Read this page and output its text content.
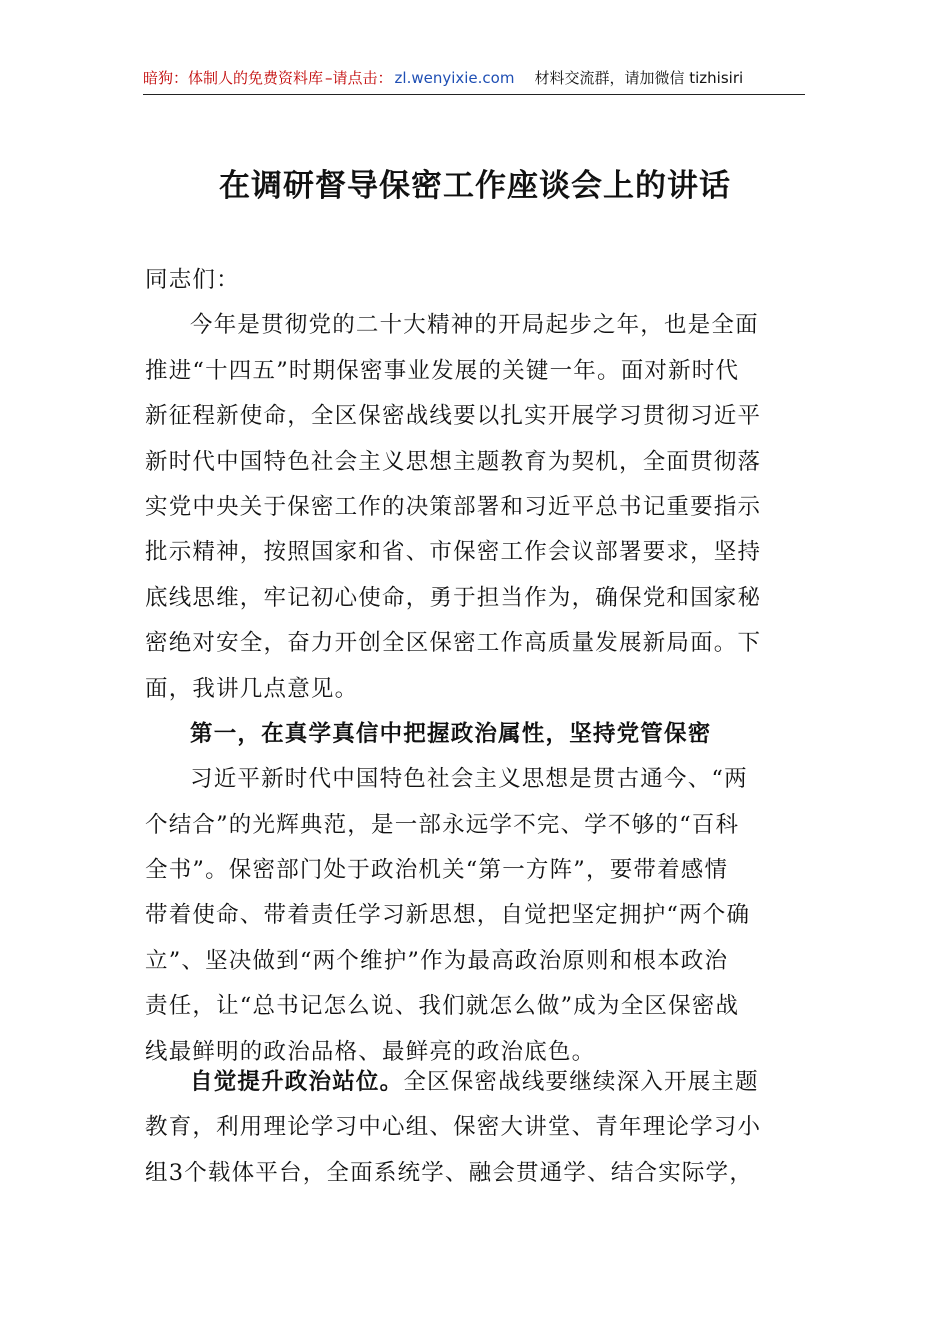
暗狗：体制人的免费资料库 –请点击： zl.wenyixie.com 材料交流群，请加微信 tizhisiri
在调研督导保密工作座谈会上的讲话
同志们：
今年是贯彻党的二十大精神的开局起步之年，也是全面
推进“十四五”时期保密事业发展的关键一年。面对新时代
新征程新使命，全区保密战线要以扎实开展学习贯彻习近平
新时代中国特色社会主义思想主题教育为契机，全面贯彻落
实党中央关于保密工作的决策部署和习近平总书记重要指示
批示精神，按照国家和省、市保密工作会议部署要求，坚持
底线思维，牢记初心使命，勇于担当作为，确保党和国家秘
密绝对安全，奋力开创全区保密工作高质量发展新局面。下
面，我讲几点意见。
第一，在真学真信中把握政治属性，坚持党管保密
习近平新时代中国特色社会主义思想是贯古通今、“两
个结合”的光辉典范，是一部永远学不完、学不够的“百科
全书”。保密部门处于政治机关“第一方阵”，要带着感情
带着使命、带着责任学习新思想，自觉把坚定拥护“两个确
立”、坚决做到“两个维护”作为最高政治原则和根本政治
责任，让“总书记怎么说、我们就怎么做”成为全区保密战
线最鲜明的政治品格、最鲜亮的政治底色。
自觉提升政治站位。全区保密战线要继续深入开展主题
教育，利用理论学习中心组、保密大讲堂、青年理论学习小
组3个载体平台，全面系统学、融会贯通学、结合实际学，
